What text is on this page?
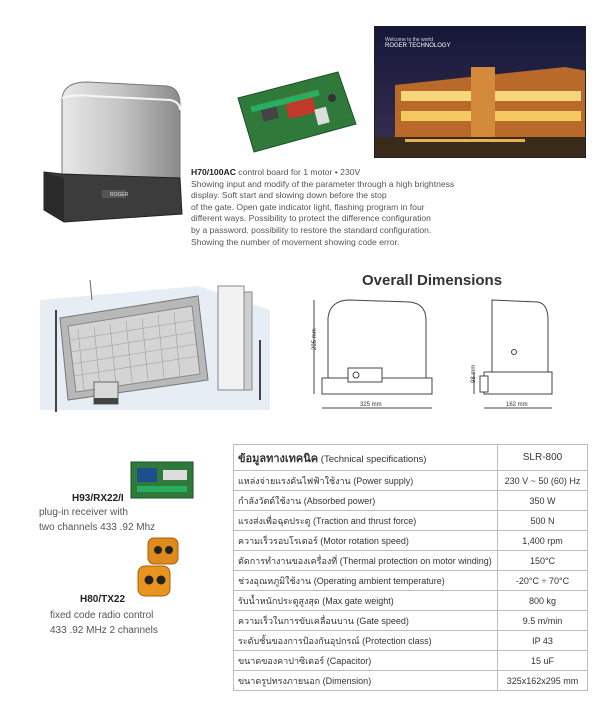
ROGER
Welcome to the world
ROGER TECHNOLOGY
H70/100AC control board for 1 motor • 230V
Showing input and modify of the parameter through a high brightness
display. Soft start and slowing down before the stop
of the gate. Open gate indicator light, flashing program in four
different ways. Possibility to protect the difference configuration
by a password. possibility to restore the standard configuration.
Showing the number of movement showing code error.
Overall Dimensions
295 mm
325 mm
98 mm
162 mm
H93/RX22/I
plug-in receiver with
two channels 433 .92 Mhz
H80/TX22
fixed code radio control
433 .92 MHz 2 channels
ข้อมูลทางเทคนิค (Technical specifications)	SLR-800
แหล่งจ่ายแรงดันไฟฟ้าใช้งาน (Power supply)	230 V ~ 50 (60) Hz
กำลังวัตต์ใช้งาน (Absorbed power)	350 W
แรงส่งเพื่อฉุดประตู (Traction and thrust force)	500 N
ความเร็วรอบโรเตอร์ (Motor rotation speed)	1,400 rpm
ตัดการทำงานของเครื่องที่ (Thermal protection on motor winding)	150°C
ช่วงอุณหภูมิใช้งาน (Operating ambient temperature)	-20°C ÷ 70°C
รับน้ำหนักประตูสูงสุด (Max gate weight)	800 kg
ความเร็วในการขับเคลื่อนบาน (Gate speed)	9.5 m/min
ระดับชั้นของการป้องกันอุปกรณ์ (Protection class)	IP 43
ขนาดของคาปาซิเตอร์ (Capacitor)	15 uF
ขนาดรูปทรงภายนอก (Dimension)	325x162x295 mm
